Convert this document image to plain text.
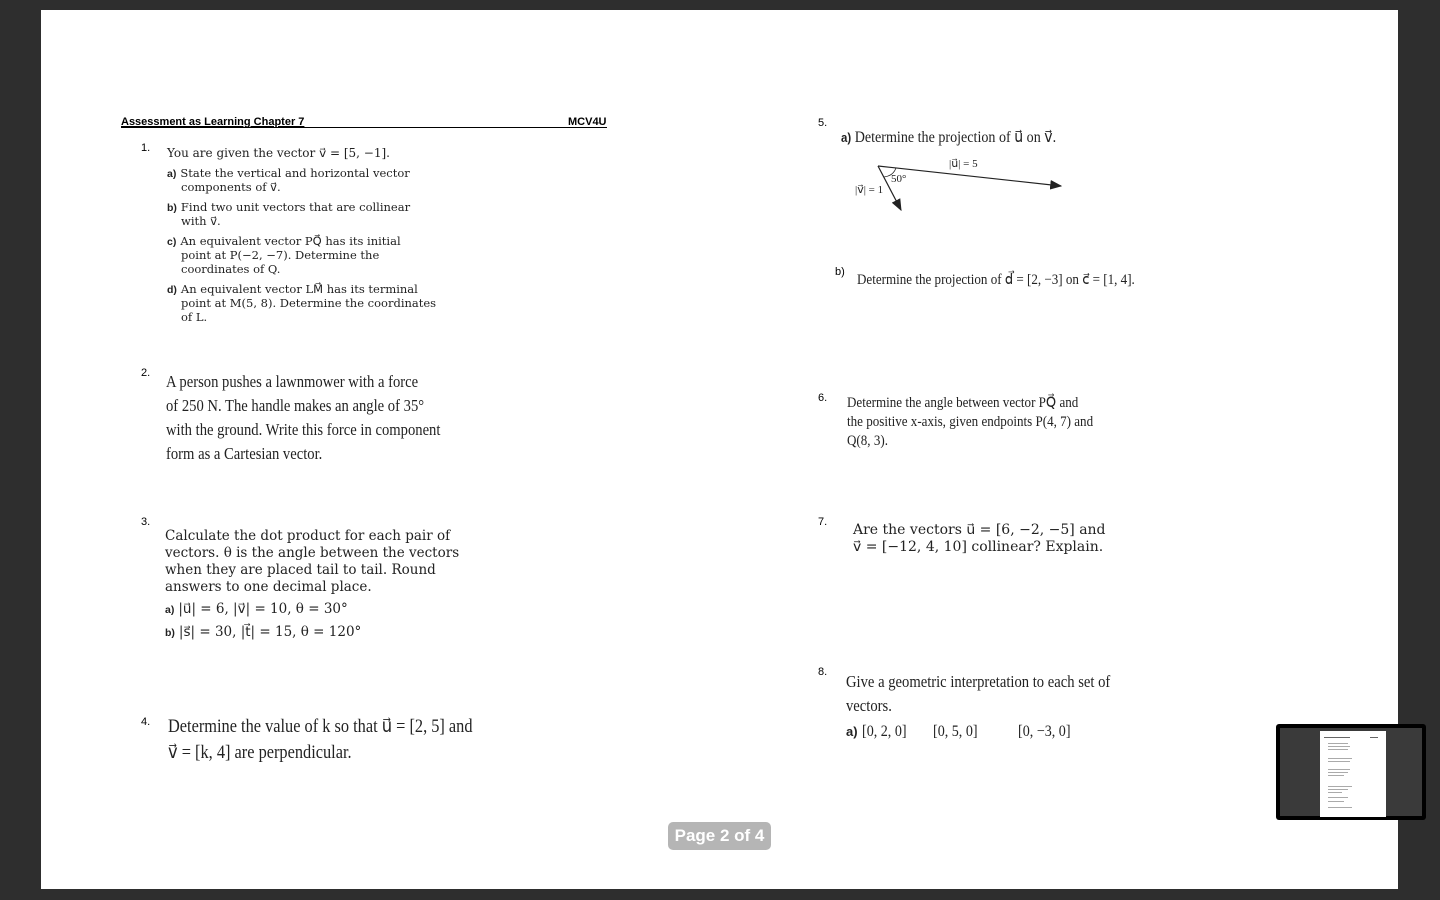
Assessment as Learning Chapter 7	MCV4U
1. You are given the vector v⃗ = [5, −1].
a) State the vertical and horizontal vector
components of v⃗.
b) Find two unit vectors that are collinear
with v⃗.
c) An equivalent vector PQ⃗ has its initial
point at P(−2, −7). Determine the
coordinates of Q.
d) An equivalent vector LM⃗ has its terminal
point at M(5, 8). Determine the coordinates
of L.
2. A person pushes a lawnmower with a force
of 250 N. The handle makes an angle of 35°
with the ground. Write this force in component
form as a Cartesian vector.
3.
Calculate the dot product for each pair of
vectors. θ is the angle between the vectors
when they are placed tail to tail. Round
answers to one decimal place.
a) |u⃗| = 6, |v⃗| = 10, θ = 30°
b) |s⃗| = 30, |t⃗| = 15, θ = 120°
4. Determine the value of k so that u⃗ = [2, 5] and
v⃗ = [k, 4] are perpendicular.
5.
a) Determine the projection of u⃗ on v⃗.
|u⃗| = 5
|v⃗| = 1
50°
b) Determine the projection of d⃗ = [2, −3] on c⃗ = [1, 4].
6. Determine the angle between vector PQ⃗ and
the positive x-axis, given endpoints P(4, 7) and
Q(8, 3).
7. Are the vectors u⃗ = [6, −2, −5] and
v⃗ = [−12, 4, 10] collinear? Explain.
8. Give a geometric interpretation to each set of
vectors.
a) [0, 2, 0] [0, 5, 0]	[0, −3, 0]
Page 2 of 4
